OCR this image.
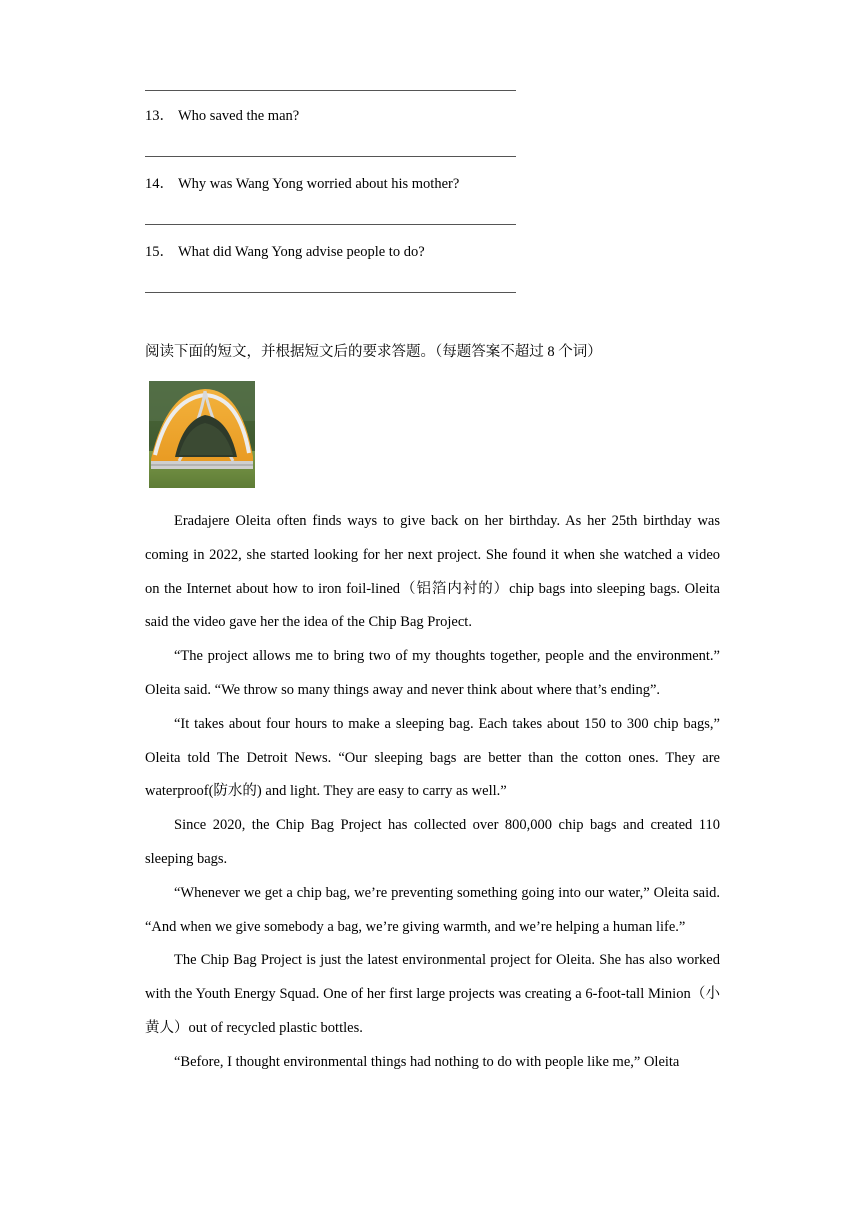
13． Who saved the man?
14． Why was Wang Yong worried about his mother?
15． What did Wang Yong advise people to do?
阅读下面的短文，并根据短文后的要求答题。（每题答案不超过 8 个词）

Eradajere Oleita often finds ways to give back on her birthday. As her 25th birthday was coming in 2022, she started looking for her next project. She found it when she watched a video on the Internet about how to iron foil-lined（铝箔内衬的）chip bags into sleeping bags. Oleita said the video gave her the idea of the Chip Bag Project.

“The project allows me to bring two of my thoughts together, people and the environment.” Oleita said. “We throw so many things away and never think about where that’s ending”.

“It takes about four hours to make a sleeping bag. Each takes about 150 to 300 chip bags,” Oleita told The Detroit News. “Our sleeping bags are better than the cotton ones. They are waterproof(防水的) and light. They are easy to carry as well.”

Since 2020, the Chip Bag Project has collected over 800,000 chip bags and created 110 sleeping bags.

“Whenever we get a chip bag, we’re preventing something going into our water,” Oleita said. “And when we give somebody a bag, we’re giving warmth, and we’re helping a human life.”

The Chip Bag Project is just the latest environmental project for Oleita. She has also worked with the Youth Energy Squad. One of her first large projects was creating a 6-foot-tall Minion（小黄人）out of recycled plastic bottles.

“Before, I thought environmental things had nothing to do with people like me,” Oleita
